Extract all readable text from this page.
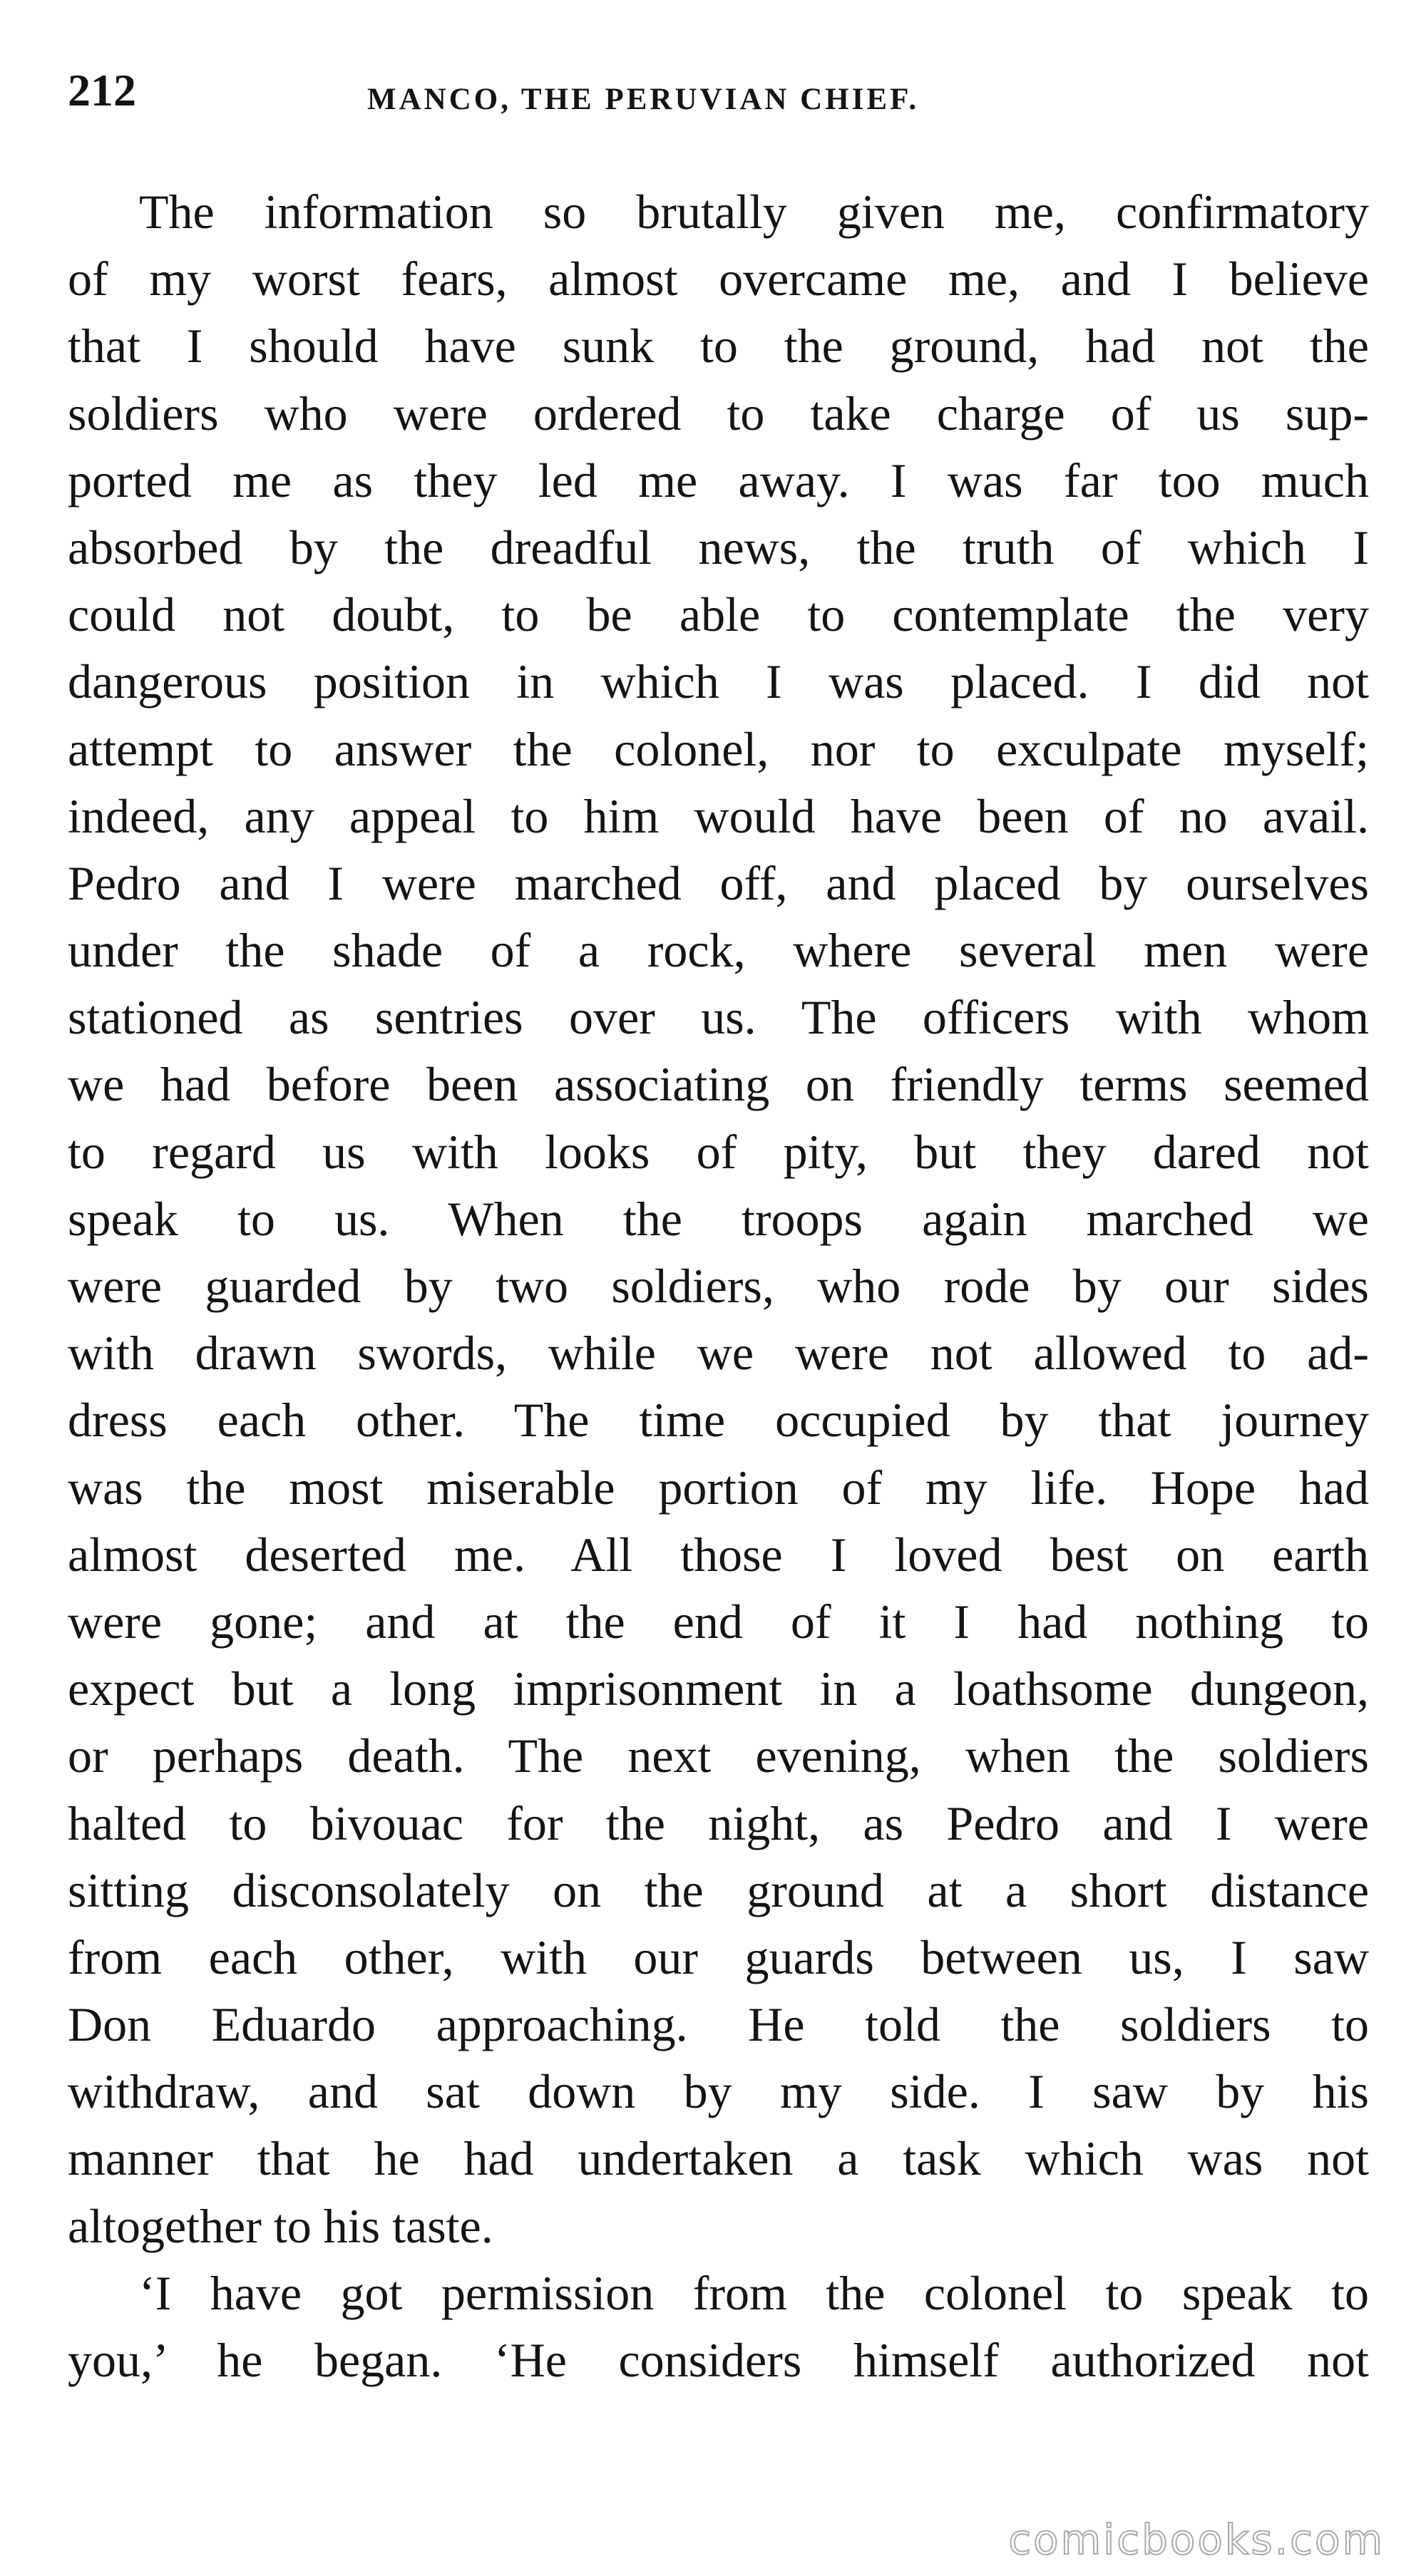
212	MANCO, THE PERUVIAN CHIEF.
The information so brutally given me, confirmatory
of my worst fears, almost overcame me, and I believe
that I should have sunk to the ground, had not the
soldiers who were ordered to take charge of us sup-
ported me as they led me away. I was far too much
absorbed by the dreadful news, the truth of which I
could not doubt, to be able to contemplate the very
dangerous position in which I was placed. I did not
attempt to answer the colonel, nor to exculpate myself;
indeed, any appeal to him would have been of no avail.
Pedro and I were marched off, and placed by ourselves
under the shade of a rock, where several men were
stationed as sentries over us. The officers with whom
we had before been associating on friendly terms seemed
to regard us with looks of pity, but they dared not
speak to us. When the troops again marched we
were guarded by two soldiers, who rode by our sides
with drawn swords, while we were not allowed to ad-
dress each other. The time occupied by that journey
was the most miserable portion of my life. Hope had
almost deserted me. All those I loved best on earth
were gone; and at the end of it I had nothing to
expect but a long imprisonment in a loathsome dungeon,
or perhaps death. The next evening, when the soldiers
halted to bivouac for the night, as Pedro and I were
sitting disconsolately on the ground at a short distance
from each other, with our guards between us, I saw
Don Eduardo approaching. He told the soldiers to
withdraw, and sat down by my side. I saw by his
manner that he had undertaken a task which was not
altogether to his taste.
‘I have got permission from the colonel to speak to
you,’ he began. ‘He considers himself authorized not
comicbooks.com
